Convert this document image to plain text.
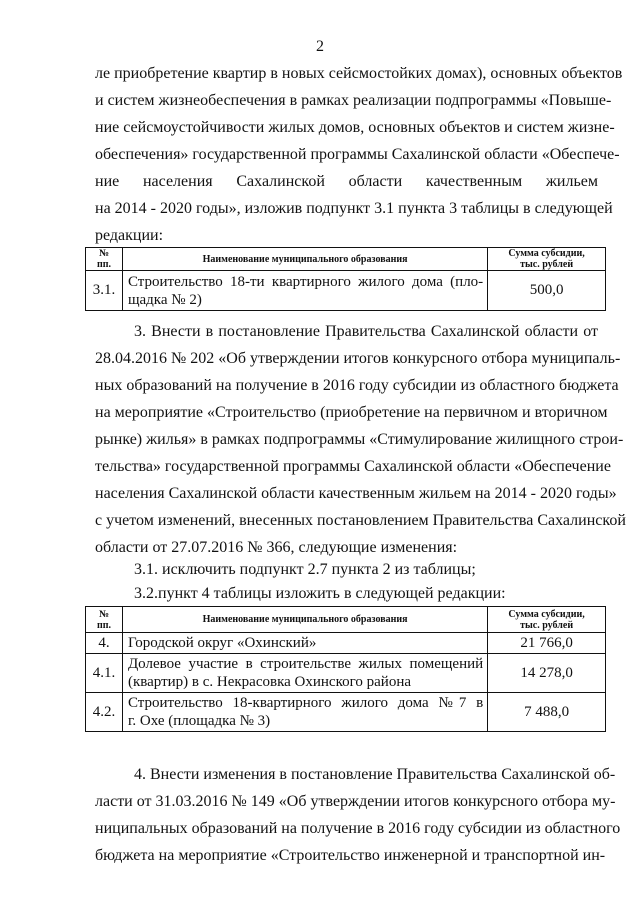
2
ле приобретение квартир в новых сейсмостойких домах), основных объектов
и систем жизнеобеспечения в рамках реализации подпрограммы «Повыше-
ние сейсмоустойчивости жилых домов, основных объектов и систем жизне-
обеспечения» государственной программы Сахалинской области «Обеспече-
ние населения Сахалинской области качественным жильем
на 2014 - 2020 годы», изложив подпункт 3.1 пункта 3 таблицы в следующей
редакции:
№
пп.	Наименование муниципального образования	Сумма субсидии,
тыс. рублей
3.1.	Строительство 18-ти квартирного жилого дома (пло-
щадка № 2)	500,0
3. Внести в постановление Правительства Сахалинской области от
28.04.2016 № 202 «Об утверждении итогов конкурсного отбора муниципаль-
ных образований на получение в 2016 году субсидии из областного бюджета
на мероприятие «Строительство (приобретение на первичном и вторичном
рынке) жилья» в рамках подпрограммы «Стимулирование жилищного строи-
тельства» государственной программы Сахалинской области «Обеспечение
населения Сахалинской области качественным жильем на 2014 - 2020 годы»
с учетом изменений, внесенных постановлением Правительства Сахалинской
области от 27.07.2016 № 366, следующие изменения:
3.1. исключить подпункт 2.7 пункта 2 из таблицы;
3.2.пункт 4 таблицы изложить в следующей редакции:
№
пп.	Наименование муниципального образования	Сумма субсидии,
тыс. рублей
4.	Городской округ «Охинский»	21 766,0
4.1.	Долевое участие в строительстве жилых помещений
(квартир) в с. Некрасовка Охинского района	14 278,0
4.2.	Строительство 18-квартирного жилого дома №7 в
г. Охе (площадка № 3)	7 488,0
4. Внести изменения в постановление Правительства Сахалинской об-
ласти от 31.03.2016 № 149 «Об утверждении итогов конкурсного отбора му-
ниципальных образований на получение в 2016 году субсидии из областного
бюджета на мероприятие «Строительство инженерной и транспортной ин-
